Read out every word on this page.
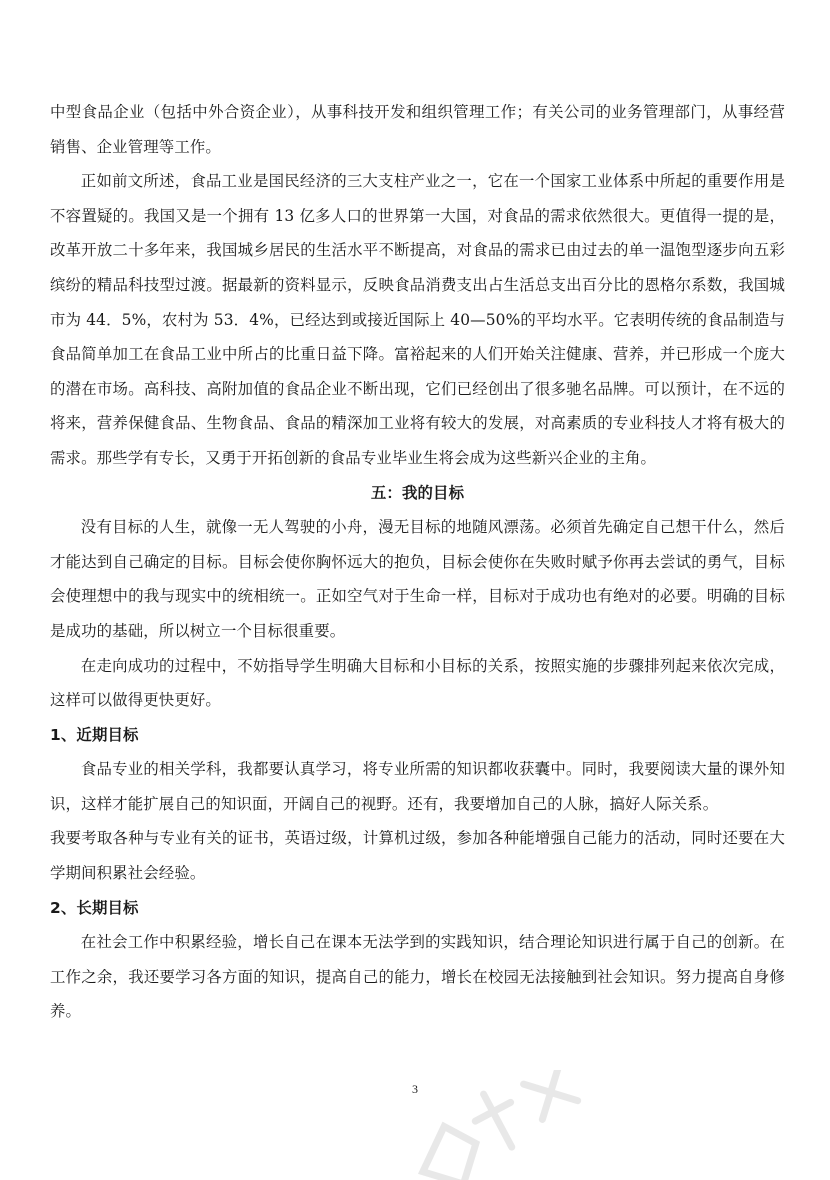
中型食品企业（包括中外合资企业），从事科技开发和组织管理工作；有关公司的业务管理部门，从事经营销售、企业管理等工作。

正如前文所述，食品工业是国民经济的三大支柱产业之一，它在一个国家工业体系中所起的重要作用是不容置疑的。我国又是一个拥有 13 亿多人口的世界第一大国，对食品的需求依然很大。更值得一提的是，改革开放二十多年来，我国城乡居民的生活水平不断提高，对食品的需求已由过去的单一温饱型逐步向五彩缤纷的精品科技型过渡。据最新的资料显示，反映食品消费支出占生活总支出百分比的恩格尔系数，我国城市为 44．5%，农村为 53．4%，已经达到或接近国际上 40—50%的平均水平。它表明传统的食品制造与食品简单加工在食品工业中所占的比重日益下降。富裕起来的人们开始关注健康、营养，并已形成一个庞大的潜在市场。高科技、高附加值的食品企业不断出现，它们已经创出了很多驰名品牌。可以预计，在不远的将来，营养保健食品、生物食品、食品的精深加工业将有较大的发展，对高素质的专业科技人才将有极大的需求。那些学有专长，又勇于开拓创新的食品专业毕业生将会成为这些新兴企业的主角。

五：我的目标

没有目标的人生，就像一无人驾驶的小舟，漫无目标的地随风漂荡。必须首先确定自己想干什么，然后才能达到自己确定的目标。目标会使你胸怀远大的抱负，目标会使你在失败时赋予你再去尝试的勇气，目标会使理想中的我与现实中的统相统一。正如空气对于生命一样，目标对于成功也有绝对的必要。明确的目标是成功的基础，所以树立一个目标很重要。

在走向成功的过程中，不妨指导学生明确大目标和小目标的关系，按照实施的步骤排列起来依次完成，这样可以做得更快更好。

1、近期目标

食品专业的相关学科，我都要认真学习，将专业所需的知识都收获囊中。同时，我要阅读大量的课外知识，这样才能扩展自己的知识面，开阔自己的视野。还有，我要增加自己的人脉，搞好人际关系。

我要考取各种与专业有关的证书，英语过级，计算机过级，参加各种能增强自己能力的活动，同时还要在大学期间积累社会经验。

2、长期目标

在社会工作中积累经验，增长自己在课本无法学到的实践知识，结合理论知识进行属于自己的创新。在工作之余，我还要学习各方面的知识，提高自己的能力，增长在校园无法接触到社会知识。努力提高自身修养。

3
